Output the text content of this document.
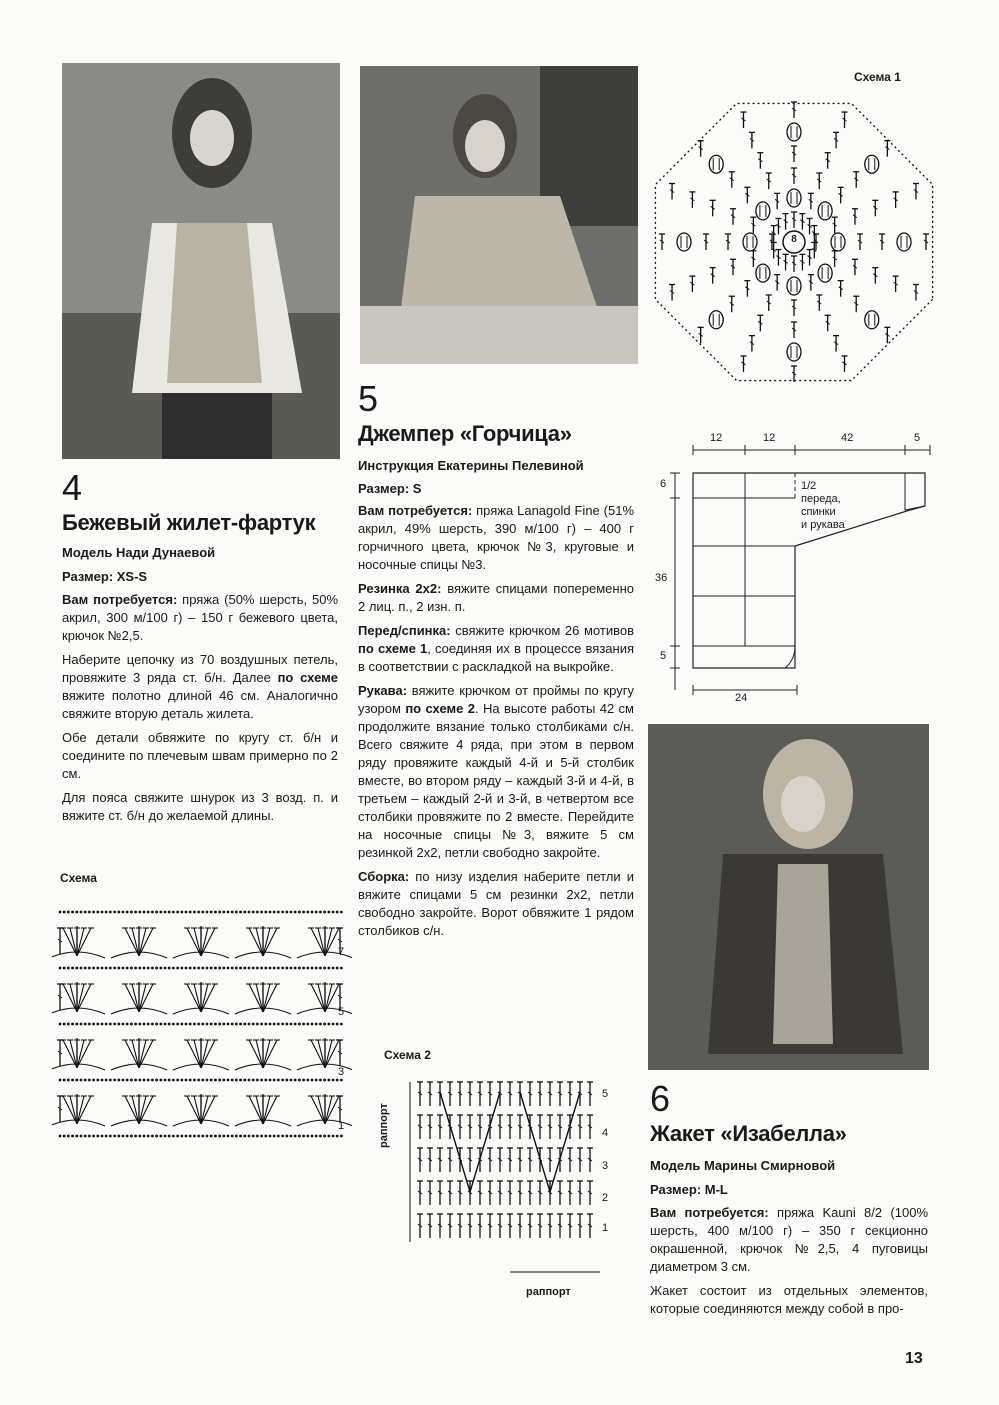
4
Бежевый жилет-фартук
Модель Нади Дунаевой
Размер: XS-S

Вам потребуется: пряжа (50% шерсть, 50% акрил, 300 м/100 г) – 150 г бежевого цвета, крючок №2,5.

Наберите цепочку из 70 воздушных петель, провяжите 3 ряда ст. б/н. Далее по схеме вяжите полотно длиной 46 см. Аналогично свяжите вторую деталь жилета.

Обе детали обвяжите по кругу ст. б/н и соедините по плечевым швам примерно по 2 см.

Для пояса свяжите шнурок из 3 возд. п. и вяжите ст. б/н до желаемой длины.

Схема
7
5
3
1
5
Джемпер «Горчица»
Инструкция Екатерины Пелевиной
Размер: S

Вам потребуется: пряжа Lanagold Fine (51% акрил, 49% шерсть, 390 м/100 г) – 400 г горчичного цвета, крючок №3, круговые и носочные спицы №3.

Резинка 2х2: вяжите спицами попеременно 2 лиц. п., 2 изн. п.

Перед/спинка: свяжите крючком 26 мотивов по схеме 1, соединяя их в процессе вязания в соответствии с раскладкой на выкройке.

Рукава: вяжите крючком от проймы по кругу узором по схеме 2. На высоте работы 42 см продолжите вязание только столбиками с/н. Всего свяжите 4 ряда, при этом в первом ряду провяжите каждый 4-й и 5-й столбик вместе, во втором ряду – каждый 3-й и 4-й, в третьем – каждый 2-й и 3-й, в четвертом все столбики провяжите по 2 вместе. Перейдите на носочные спицы №3, вяжите 5 см резинкой 2х2, петли свободно закройте.

Сборка: по низу изделия наберите петли и вяжите спицами 5 см резинки 2х2, петли свободно закройте. Ворот обвяжите 1 рядом столбиков с/н.

Схема 1
8
12	12	42	5
6
36
5
24
1/2
переда,
спинки
и рукава
Схема 2
раппорт
раппорт
5
4
3
2
1
6
Жакет «Изабелла»
Модель Марины Смирновой
Размер: M-L

Вам потребуется: пряжа Kauni 8/2 (100% шерсть, 400 м/100 г) – 350 г секционно окрашенной, крючок №2,5, 4 пуговицы диаметром 3 см.

Жакет состоит из отдельных элементов, которые соединяются между собой в про-

13
